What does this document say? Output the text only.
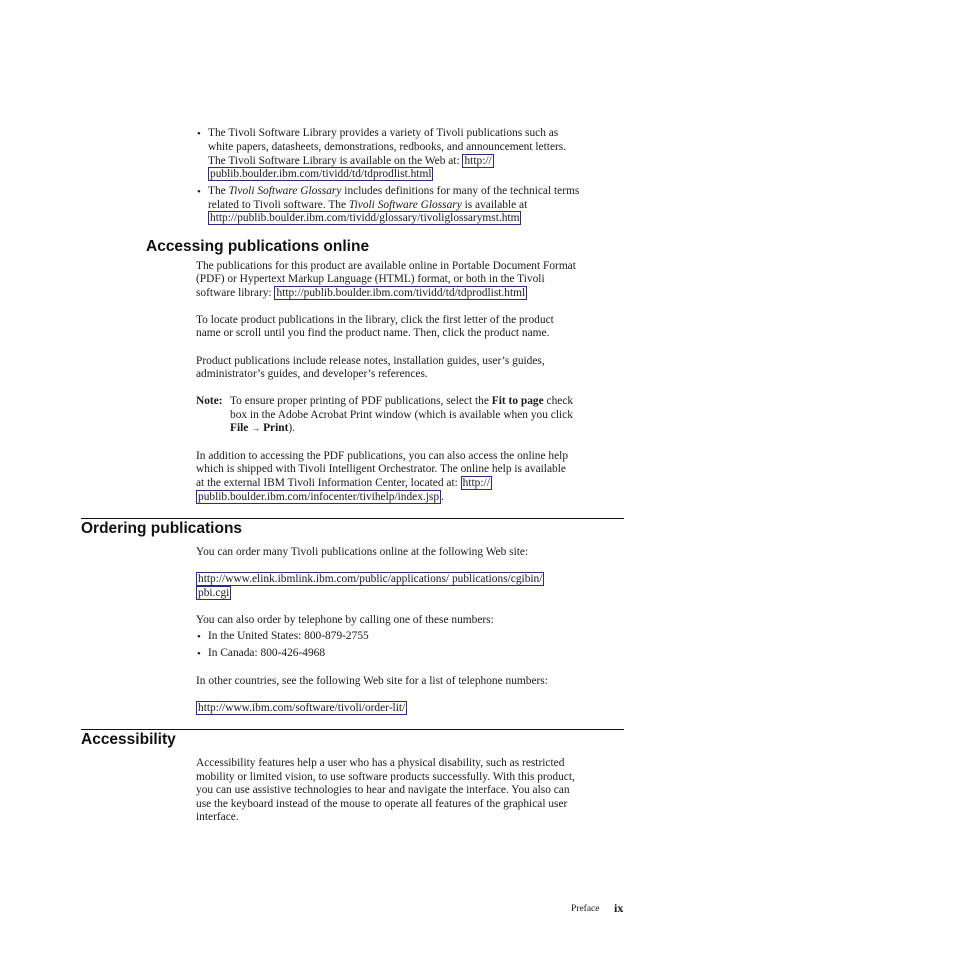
• The Tivoli Software Library provides a variety of Tivoli publications such as
white papers, datasheets, demonstrations, redbooks, and announcement letters.
The Tivoli Software Library is available on the Web at: http://
publib.boulder.ibm.com/tividd/td/tdprodlist.html
• The Tivoli Software Glossary includes definitions for many of the technical terms
related to Tivoli software. The Tivoli Software Glossary is available at
http://publib.boulder.ibm.com/tividd/glossary/tivoliglossarymst.htm
Accessing publications online
The publications for this product are available online in Portable Document Format
(PDF) or Hypertext Markup Language (HTML) format, or both in the Tivoli
software library: http://publib.boulder.ibm.com/tividd/td/tdprodlist.html
To locate product publications in the library, click the first letter of the product
name or scroll until you find the product name. Then, click the product name.
Product publications include release notes, installation guides, user’s guides,
administrator’s guides, and developer’s references.
Note: To ensure proper printing of PDF publications, select the Fit to page check
box in the Adobe Acrobat Print window (which is available when you click
File → Print).
In addition to accessing the PDF publications, you can also access the online help
which is shipped with Tivoli Intelligent Orchestrator. The online help is available
at the external IBM Tivoli Information Center, located at: http://
publib.boulder.ibm.com/infocenter/tivihelp/index.jsp .
Ordering publications
You can order many Tivoli publications online at the following Web site:
http://www.elink.ibmlink.ibm.com/public/applications/ publications/cgibin/
pbi.cgi
You can also order by telephone by calling one of these numbers:
• In the United States: 800-879-2755
• In Canada: 800-426-4968
In other countries, see the following Web site for a list of telephone numbers:
http://www.ibm.com/software/tivoli/order-lit/
Accessibility
Accessibility features help a user who has a physical disability, such as restricted
mobility or limited vision, to use software products successfully. With this product,
you can use assistive technologies to hear and navigate the interface. You also can
use the keyboard instead of the mouse to operate all features of the graphical user
interface.
Preface ix
